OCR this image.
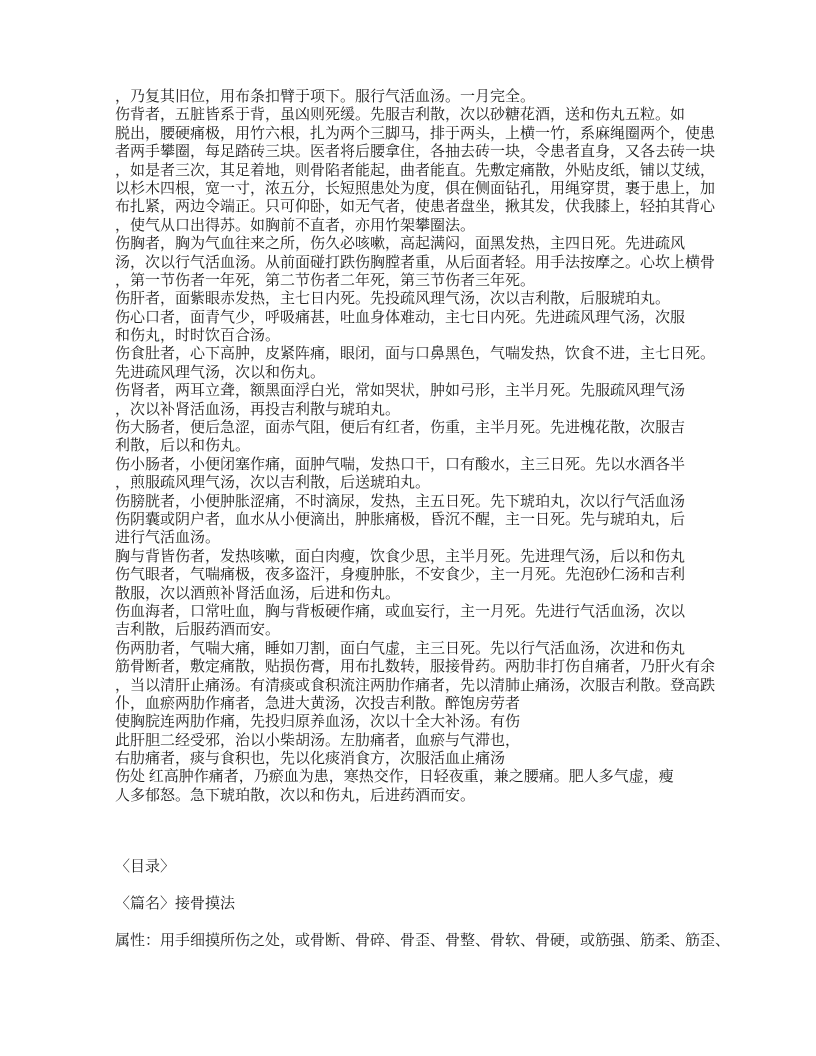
，乃复其旧位，用布条扣臂于项下。服行气活血汤。一月完全。
伤背者，五脏皆系于背，虽凶则死缓。先服吉利散，次以砂糖花酒，送和伤丸五粒。如
脱出，腰硬痛极，用竹六根，扎为两个三脚马，排于两头，上横一竹，系麻绳圈两个，使患
者两手攀圈，每足踏砖三块。医者将后腰拿住，各抽去砖一块，令患者直身，又各去砖一块
，如是者三次，其足着地，则骨陷者能起，曲者能直。先敷定痛散，外贴皮纸，铺以艾绒，
以杉木四根，宽一寸，浓五分，长短照患处为度，俱在侧面钻孔，用绳穿贯，裹于患上，加
布扎紧，两边令端正。只可仰卧，如无气者，使患者盘坐，揪其发，伏我膝上，轻拍其背心
，使气从口出得苏。如胸前不直者，亦用竹架攀圈法。
伤胸者，胸为气血往来之所，伤久必咳嗽，高起满闷，面黑发热，主四日死。先进疏风
汤，次以行气活血汤。从前面碰打跌伤胸膛者重，从后面者轻。用手法按摩之。心坎上横骨
，第一节伤者一年死，第二节伤者二年死，第三节伤者三年死。
伤肝者，面紫眼赤发热，主七日内死。先投疏风理气汤，次以吉利散，后服琥珀丸。
伤心口者，面青气少，呼吸痛甚，吐血身体难动，主七日内死。先进疏风理气汤，次服
和伤丸，时时饮百合汤。
伤食肚者，心下高肿，皮紧阵痛，眼闭，面与口鼻黑色，气喘发热，饮食不进，主七日死。
先进疏风理气汤，次以和伤丸。
伤肾者，两耳立聋，额黑面浮白光，常如哭状，肿如弓形，主半月死。先服疏风理气汤
，次以补肾活血汤，再投吉利散与琥珀丸。
伤大肠者，便后急涩，面赤气阻，便后有红者，伤重，主半月死。先进槐花散，次服吉
利散，后以和伤丸。
伤小肠者，小便闭塞作痛，面肿气喘，发热口干，口有酸水，主三日死。先以水酒各半
，煎服疏风理气汤，次以吉利散，后送琥珀丸。
伤膀胱者，小便肿胀涩痛，不时滴尿，发热，主五日死。先下琥珀丸，次以行气活血汤
伤阴囊或阴户者，血水从小便滴出，肿胀痛极，昏沉不醒，主一日死。先与琥珀丸，后
进行气活血汤。
胸与背皆伤者，发热咳嗽，面白肉瘦，饮食少思，主半月死。先进理气汤，后以和伤丸
伤气眼者，气喘痛极，夜多盗汗，身瘦肿胀，不安食少，主一月死。先泡砂仁汤和吉利
散服，次以酒煎补肾活血汤，后进和伤丸。
伤血海者，口常吐血，胸与背板硬作痛，或血妄行，主一月死。先进行气活血汤，次以
吉利散，后服药酒而安。
伤两肋者，气喘大痛，睡如刀割，面白气虚，主三日死。先以行气活血汤，次进和伤丸
筋骨断者，敷定痛散，贴损伤膏，用布扎数转，服接骨药。两肋非打伤自痛者，乃肝火有余
，当以清肝止痛汤。有清痰或食积流注两肋作痛者，先以清肺止痛汤，次服吉利散。登高跌
仆，血瘀两肋作痛者，急进大黄汤，次投吉利散。醉饱房劳者
使胸脘连两肋作痛，先投归原养血汤，次以十全大补汤。有伤
此肝胆二经受邪，治以小柴胡汤。左肋痛者，血瘀与气滞也，
右肋痛者，痰与食积也，先以化痰消食方，次服活血止痛汤
伤处 红高肿作痛者，乃瘀血为患，寒热交作，日轻夜重，兼之腰痛。肥人多气虚，瘦
人多郁怒。急下琥珀散，次以和伤丸，后进药酒而安。
〈目录〉
〈篇名〉接骨摸法
属性：用手细摸所伤之处，或骨断、骨碎、骨歪、骨整、骨软、骨硬，或筋强、筋柔、筋歪、
